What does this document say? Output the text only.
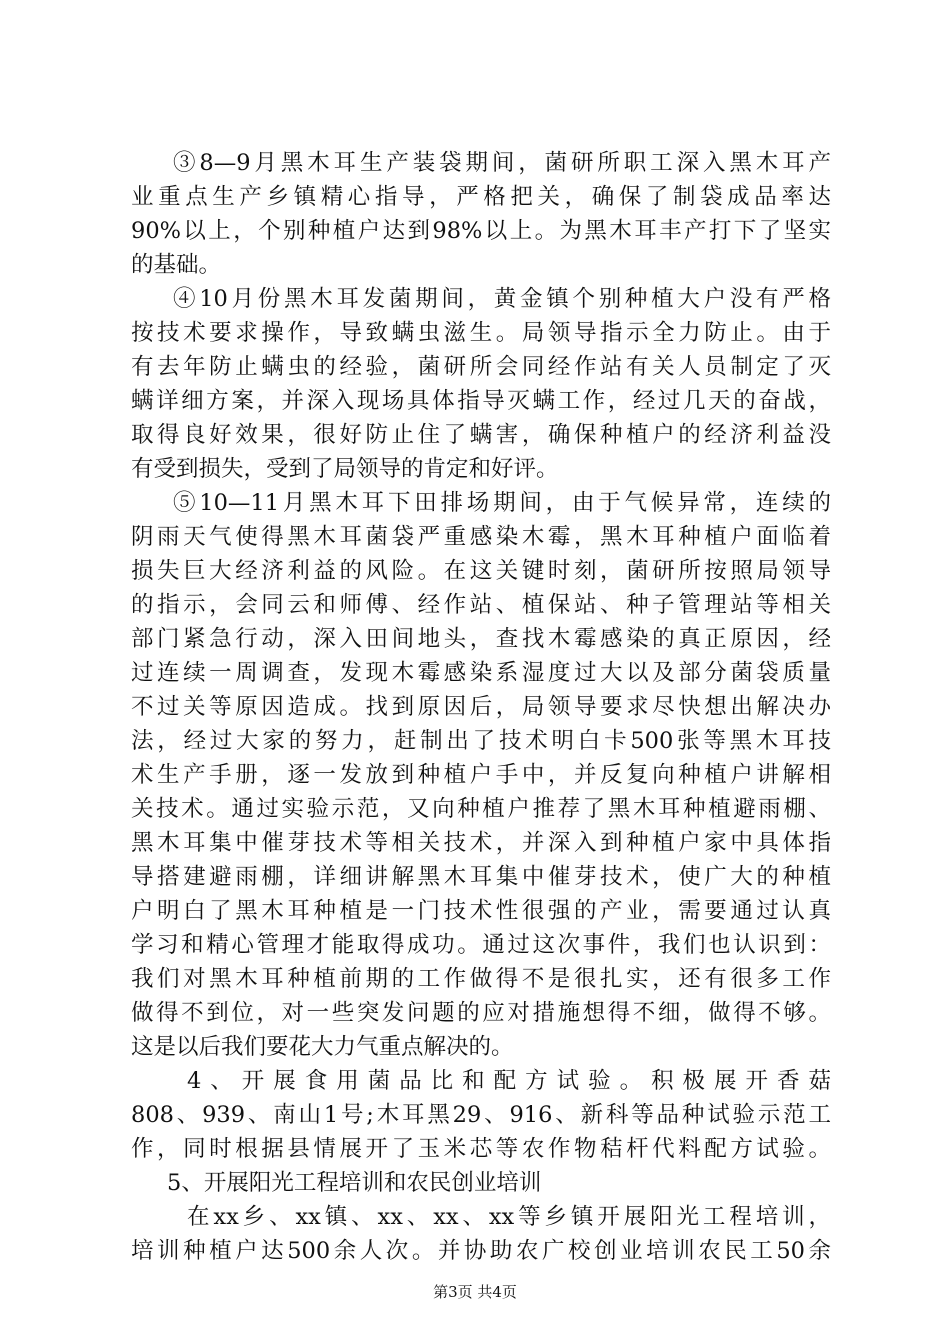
③8—9月黑木耳生产装袋期间，菌研所职工深入黑木耳产
业重点生产乡镇精心指导，严格把关，确保了制袋成品率达
90%以上，个别种植户达到98%以上。为黑木耳丰产打下了坚实
的基础。
④10月份黑木耳发菌期间，黄金镇个别种植大户没有严格
按技术要求操作，导致螨虫滋生。局领导指示全力防止。由于
有去年防止螨虫的经验，菌研所会同经作站有关人员制定了灭
螨详细方案，并深入现场具体指导灭螨工作，经过几天的奋战，
取得良好效果，很好防止住了螨害，确保种植户的经济利益没
有受到损失，受到了局领导的肯定和好评。
⑤10—11月黑木耳下田排场期间，由于气候异常，连续的
阴雨天气使得黑木耳菌袋严重感染木霉，黑木耳种植户面临着
损失巨大经济利益的风险。在这关键时刻，菌研所按照局领导
的指示，会同云和师傅、经作站、植保站、种子管理站等相关
部门紧急行动，深入田间地头，查找木霉感染的真正原因，经
过连续一周调查，发现木霉感染系湿度过大以及部分菌袋质量
不过关等原因造成。找到原因后，局领导要求尽快想出解决办
法，经过大家的努力，赶制出了技术明白卡500张等黑木耳技
术生产手册，逐一发放到种植户手中，并反复向种植户讲解相
关技术。通过实验示范，又向种植户推荐了黑木耳种植避雨棚、
黑木耳集中催芽技术等相关技术，并深入到种植户家中具体指
导搭建避雨棚，详细讲解黑木耳集中催芽技术，使广大的种植
户明白了黑木耳种植是一门技术性很强的产业，需要通过认真
学习和精心管理才能取得成功。通过这次事件，我们也认识到：
我们对黑木耳种植前期的工作做得不是很扎实，还有很多工作
做得不到位，对一些突发问题的应对措施想得不细，做得不够。
这是以后我们要花大力气重点解决的。
4、开展食用菌品比和配方试验。积极展开香菇
808、939、南山1号;木耳黑29、916、新科等品种试验示范工
作，同时根据县情展开了玉米芯等农作物秸杆代料配方试验。
5、开展阳光工程培训和农民创业培训
在xx乡、xx镇、xx、xx、xx等乡镇开展阳光工程培训，
培训种植户达500余人次。并协助农广校创业培训农民工50余
第3页 共4页
